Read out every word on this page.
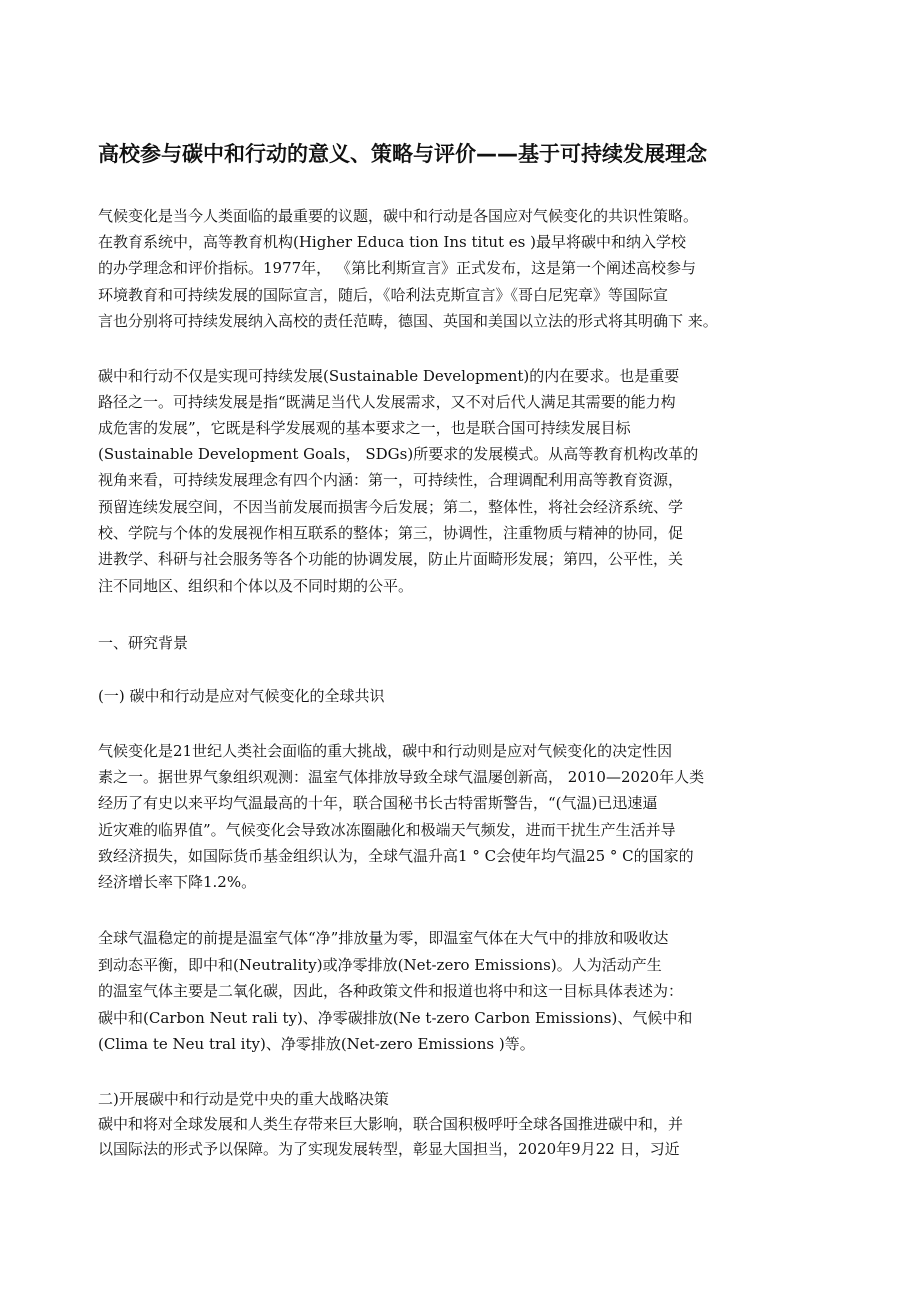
高校参与碳中和行动的意义、策略与评价——基于可持续发展理念

气候变化是当今人类面临的最重要的议题，碳中和行动是各国应对气候变化的共识性策略。

在教育系统中，高等教育机构(Higher Educa tion Ins titut es )最早将碳中和纳入学校

的办学理念和评价指标。1977年， 《第比利斯宣言》正式发布，这是第一个阐述高校参与

环境教育和可持续发展的国际宣言，随后，《哈利法克斯宣言》《哥白尼宪章》等国际宣

言也分别将可持续发展纳入高校的责任范畴，德国、英国和美国以立法的形式将其明确下 来。

碳中和行动不仅是实现可持续发展(Sustainable Development)的内在要求。也是重要

路径之一。可持续发展是指“既满足当代人发展需求，又不对后代人满足其需要的能力构

成危害的发展”，它既是科学发展观的基本要求之一，也是联合国可持续发展目标

(Sustainable Development Goals， SDGs)所要求的发展模式。从高等教育机构改革的

视角来看，可持续发展理念有四个内涵：第一，可持续性，合理调配利用高等教育资源，

预留连续发展空间，不因当前发展而损害今后发展；第二，整体性，将社会经济系统、学

校、学院与个体的发展视作相互联系的整体；第三，协调性，注重物质与精神的协同，促

进教学、科研与社会服务等各个功能的协调发展，防止片面畸形发展；第四，公平性，关

注不同地区、组织和个体以及不同时期的公平。

一、研究背景

(一) 碳中和行动是应对气候变化的全球共识

气候变化是21世纪人类社会面临的重大挑战，碳中和行动则是应对气候变化的决定性因

素之一。据世界气象组织观测：温室气体排放导致全球气温屡创新高， 2010—2020年人类

经历了有史以来平均气温最高的十年，联合国秘书长古特雷斯警告，“(气温)已迅速逼

近灾难的临界值”。气候变化会导致冰冻圈融化和极端天气频发，进而干扰生产生活并导

致经济损失，如国际货币基金组织认为，全球气温升高1 ° C会使年均气温25 ° C的国家的

经济增长率下降1.2%。

全球气温稳定的前提是温室气体“净”排放量为零，即温室气体在大气中的排放和吸收达

到动态平衡，即中和(Neutrality)或净零排放(Net-zero Emissions)。人为活动产生

的温室气体主要是二氧化碳，因此，各种政策文件和报道也将中和这一目标具体表述为：

碳中和(Carbon Neut rali ty)、净零碳排放(Ne t-zero Carbon Emissions)、气候中和

(Clima te Neu tral ity)、净零排放(Net-zero Emissions )等。

二)开展碳中和行动是党中央的重大战略决策

碳中和将对全球发展和人类生存带来巨大影响，联合国积极呼吁全球各国推进碳中和，并

以国际法的形式予以保障。为了实现发展转型，彰显大国担当，2020年9月22 日，习近
